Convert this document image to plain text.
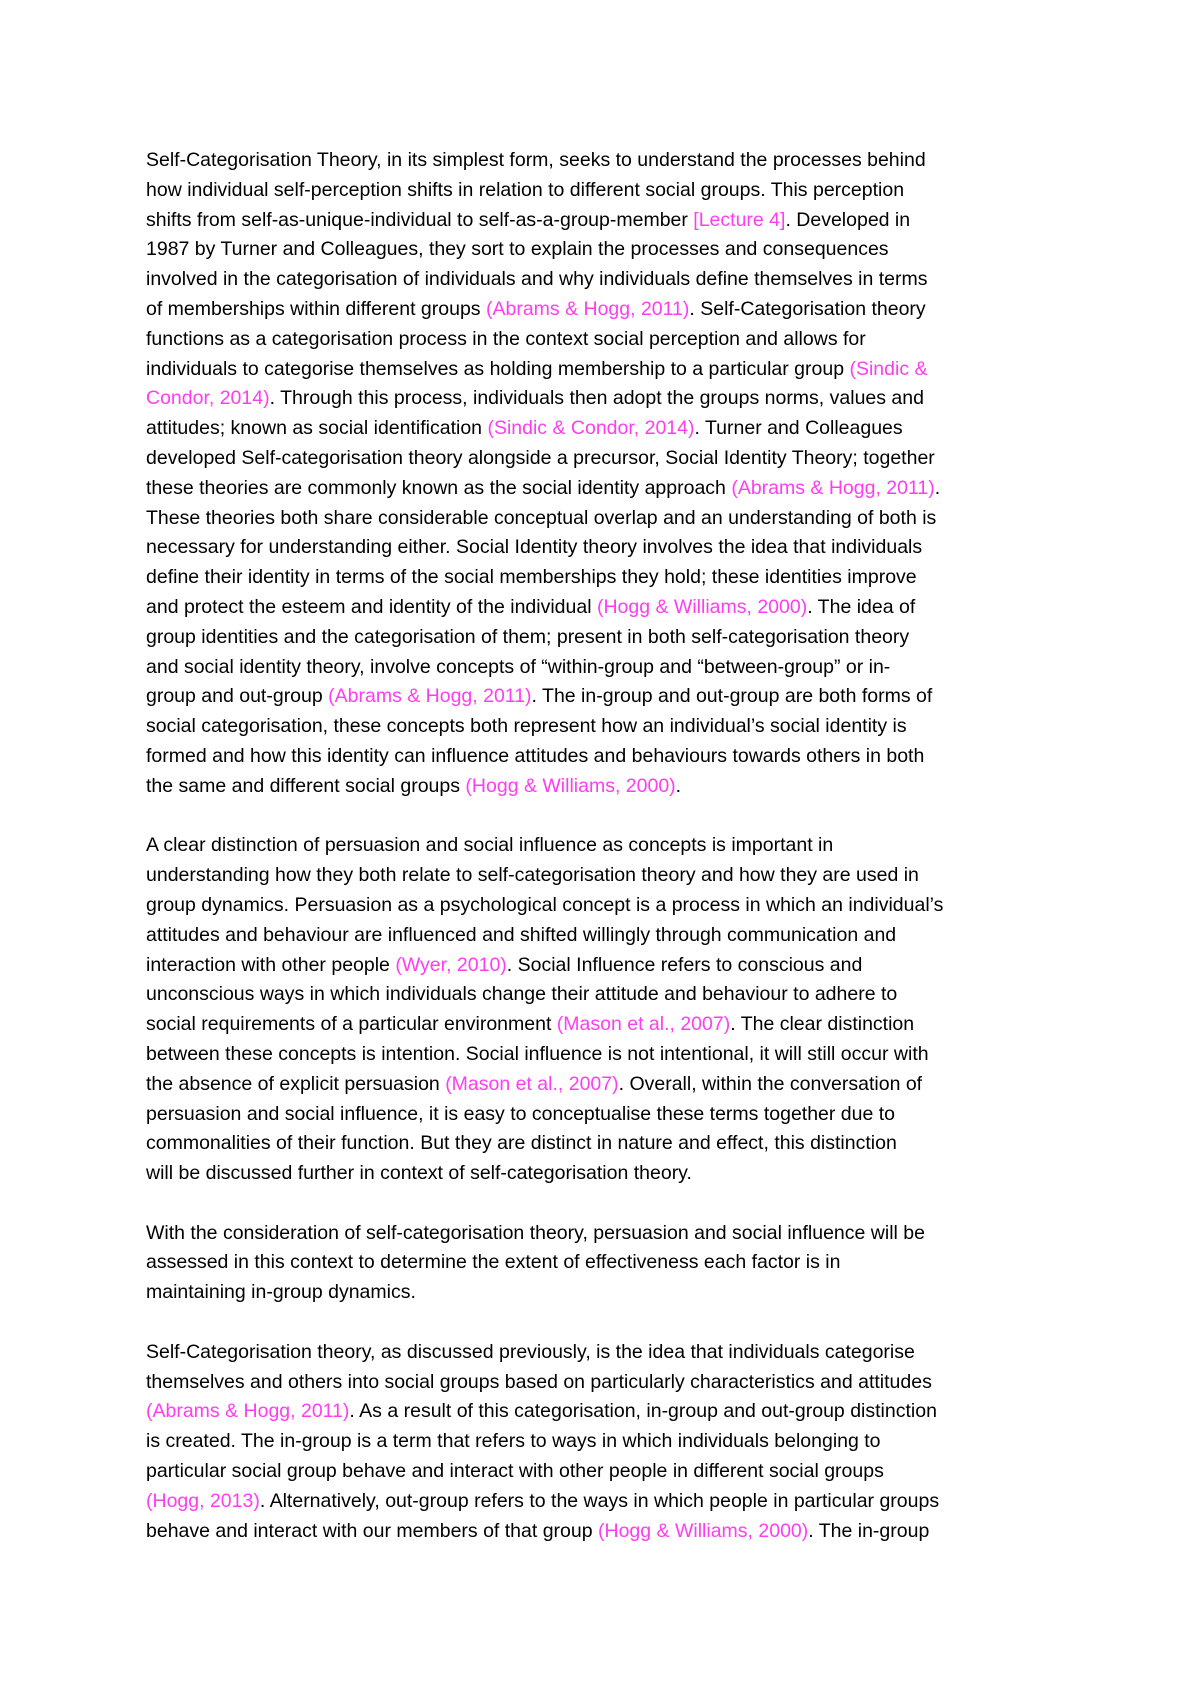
Self-Categorisation Theory, in its simplest form, seeks to understand the processes behind
how individual self-perception shifts in relation to different social groups. This perception
shifts from self-as-unique-individual to self-as-a-group-member [Lecture 4]. Developed in
1987 by Turner and Colleagues, they sort to explain the processes and consequences
involved in the categorisation of individuals and why individuals define themselves in terms
of memberships within different groups (Abrams & Hogg, 2011). Self-Categorisation theory
functions as a categorisation process in the context social perception and allows for
individuals to categorise themselves as holding membership to a particular group (Sindic &
Condor, 2014). Through this process, individuals then adopt the groups norms, values and
attitudes; known as social identification (Sindic & Condor, 2014). Turner and Colleagues
developed Self-categorisation theory alongside a precursor, Social Identity Theory; together
these theories are commonly known as the social identity approach (Abrams & Hogg, 2011).
These theories both share considerable conceptual overlap and an understanding of both is
necessary for understanding either. Social Identity theory involves the idea that individuals
define their identity in terms of the social memberships they hold; these identities improve
and protect the esteem and identity of the individual (Hogg & Williams, 2000). The idea of
group identities and the categorisation of them; present in both self-categorisation theory
and social identity theory, involve concepts of “within-group and “between-group” or in-
group and out-group (Abrams & Hogg, 2011). The in-group and out-group are both forms of
social categorisation, these concepts both represent how an individual’s social identity is
formed and how this identity can influence attitudes and behaviours towards others in both
the same and different social groups (Hogg & Williams, 2000).
A clear distinction of persuasion and social influence as concepts is important in
understanding how they both relate to self-categorisation theory and how they are used in
group dynamics. Persuasion as a psychological concept is a process in which an individual’s
attitudes and behaviour are influenced and shifted willingly through communication and
interaction with other people (Wyer, 2010). Social Influence refers to conscious and
unconscious ways in which individuals change their attitude and behaviour to adhere to
social requirements of a particular environment (Mason et al., 2007). The clear distinction
between these concepts is intention. Social influence is not intentional, it will still occur with
the absence of explicit persuasion (Mason et al., 2007). Overall, within the conversation of
persuasion and social influence, it is easy to conceptualise these terms together due to
commonalities of their function. But they are distinct in nature and effect, this distinction
will be discussed further in context of self-categorisation theory.
With the consideration of self-categorisation theory, persuasion and social influence will be
assessed in this context to determine the extent of effectiveness each factor is in
maintaining in-group dynamics.
Self-Categorisation theory, as discussed previously, is the idea that individuals categorise
themselves and others into social groups based on particularly characteristics and attitudes
(Abrams & Hogg, 2011). As a result of this categorisation, in-group and out-group distinction
is created. The in-group is a term that refers to ways in which individuals belonging to
particular social group behave and interact with other people in different social groups
(Hogg, 2013). Alternatively, out-group refers to the ways in which people in particular groups
behave and interact with our members of that group (Hogg & Williams, 2000). The in-group
